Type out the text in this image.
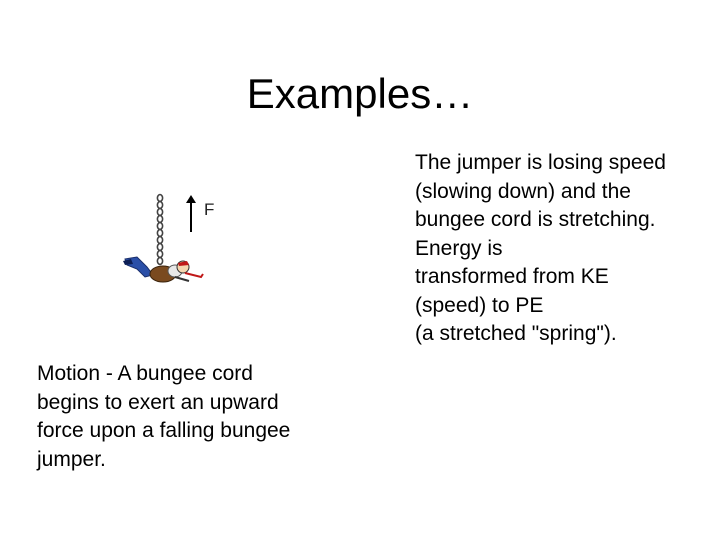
Examples…
F
The jumper is losing speed
(slowing down) and the
bungee cord is stretching.
Energy is
transformed from KE
(speed) to PE
(a stretched "spring").
Motion - A bungee cord
begins to exert an upward
force upon a falling bungee
jumper.
